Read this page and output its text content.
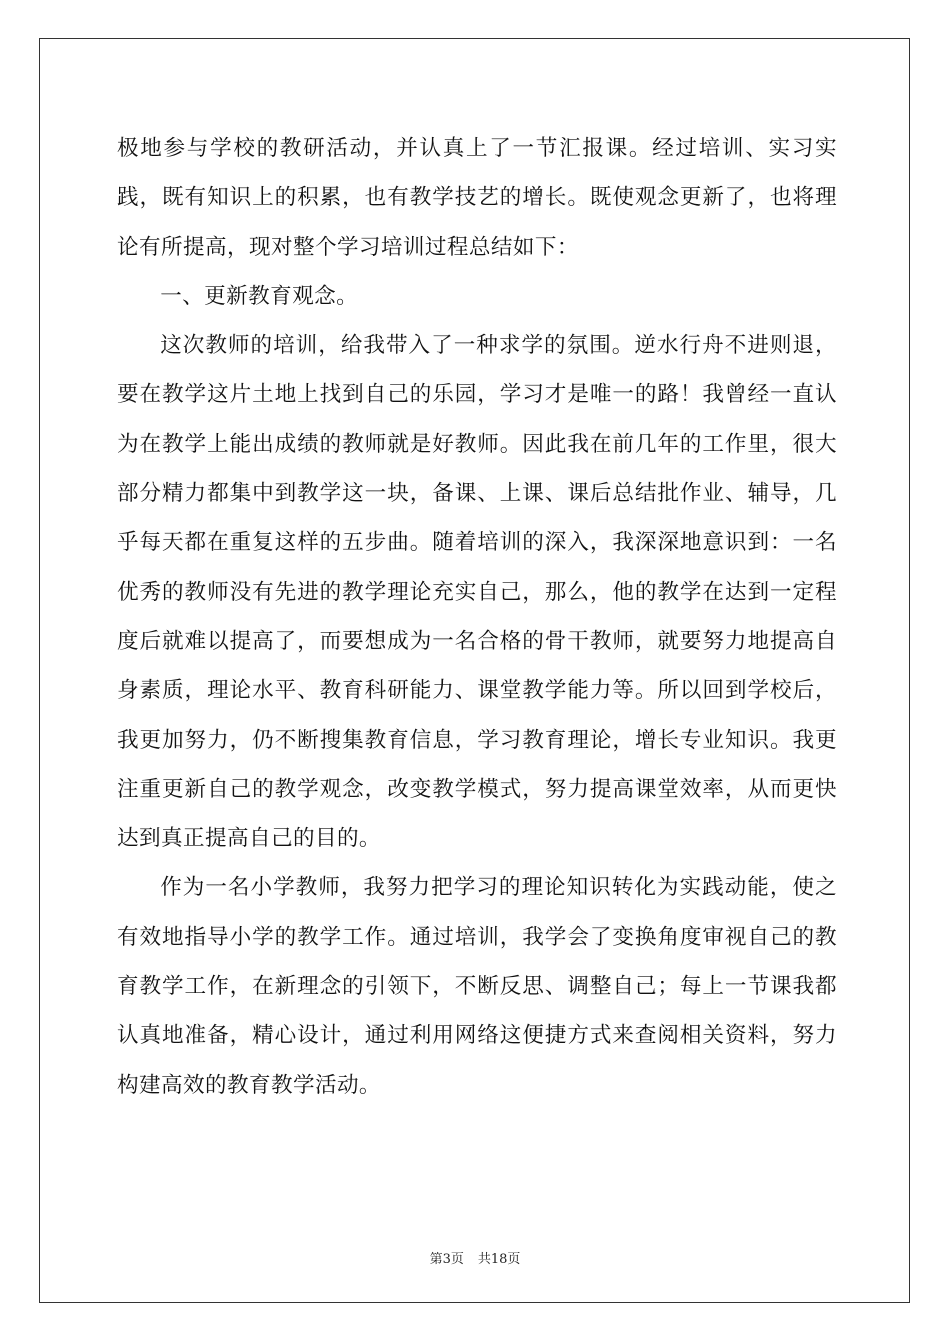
极地参与学校的教研活动，并认真上了一节汇报课。经过培训、实习实践，既有知识上的积累，也有教学技艺的增长。既使观念更新了，也将理论有所提高，现对整个学习培训过程总结如下：

一、更新教育观念。

这次教师的培训，给我带入了一种求学的氛围。逆水行舟不进则退，要在教学这片土地上找到自己的乐园，学习才是唯一的路！我曾经一直认为在教学上能出成绩的教师就是好教师。因此我在前几年的工作里，很大部分精力都集中到教学这一块，备课、上课、课后总结批作业、辅导，几乎每天都在重复这样的五步曲。随着培训的深入，我深深地意识到：一名优秀的教师没有先进的教学理论充实自己，那么，他的教学在达到一定程度后就难以提高了，而要想成为一名合格的骨干教师，就要努力地提高自身素质，理论水平、教育科研能力、课堂教学能力等。所以回到学校后，我更加努力，仍不断搜集教育信息，学习教育理论，增长专业知识。我更注重更新自己的教学观念，改变教学模式，努力提高课堂效率，从而更快达到真正提高自己的目的。

作为一名小学教师，我努力把学习的理论知识转化为实践动能，使之有效地指导小学的教学工作。通过培训，我学会了变换角度审视自己的教育教学工作，在新理念的引领下，不断反思、调整自己；每上一节课我都认真地准备，精心设计，通过利用网络这便捷方式来查阅相关资料，努力构建高效的教育教学活动。

第3页 共18页
